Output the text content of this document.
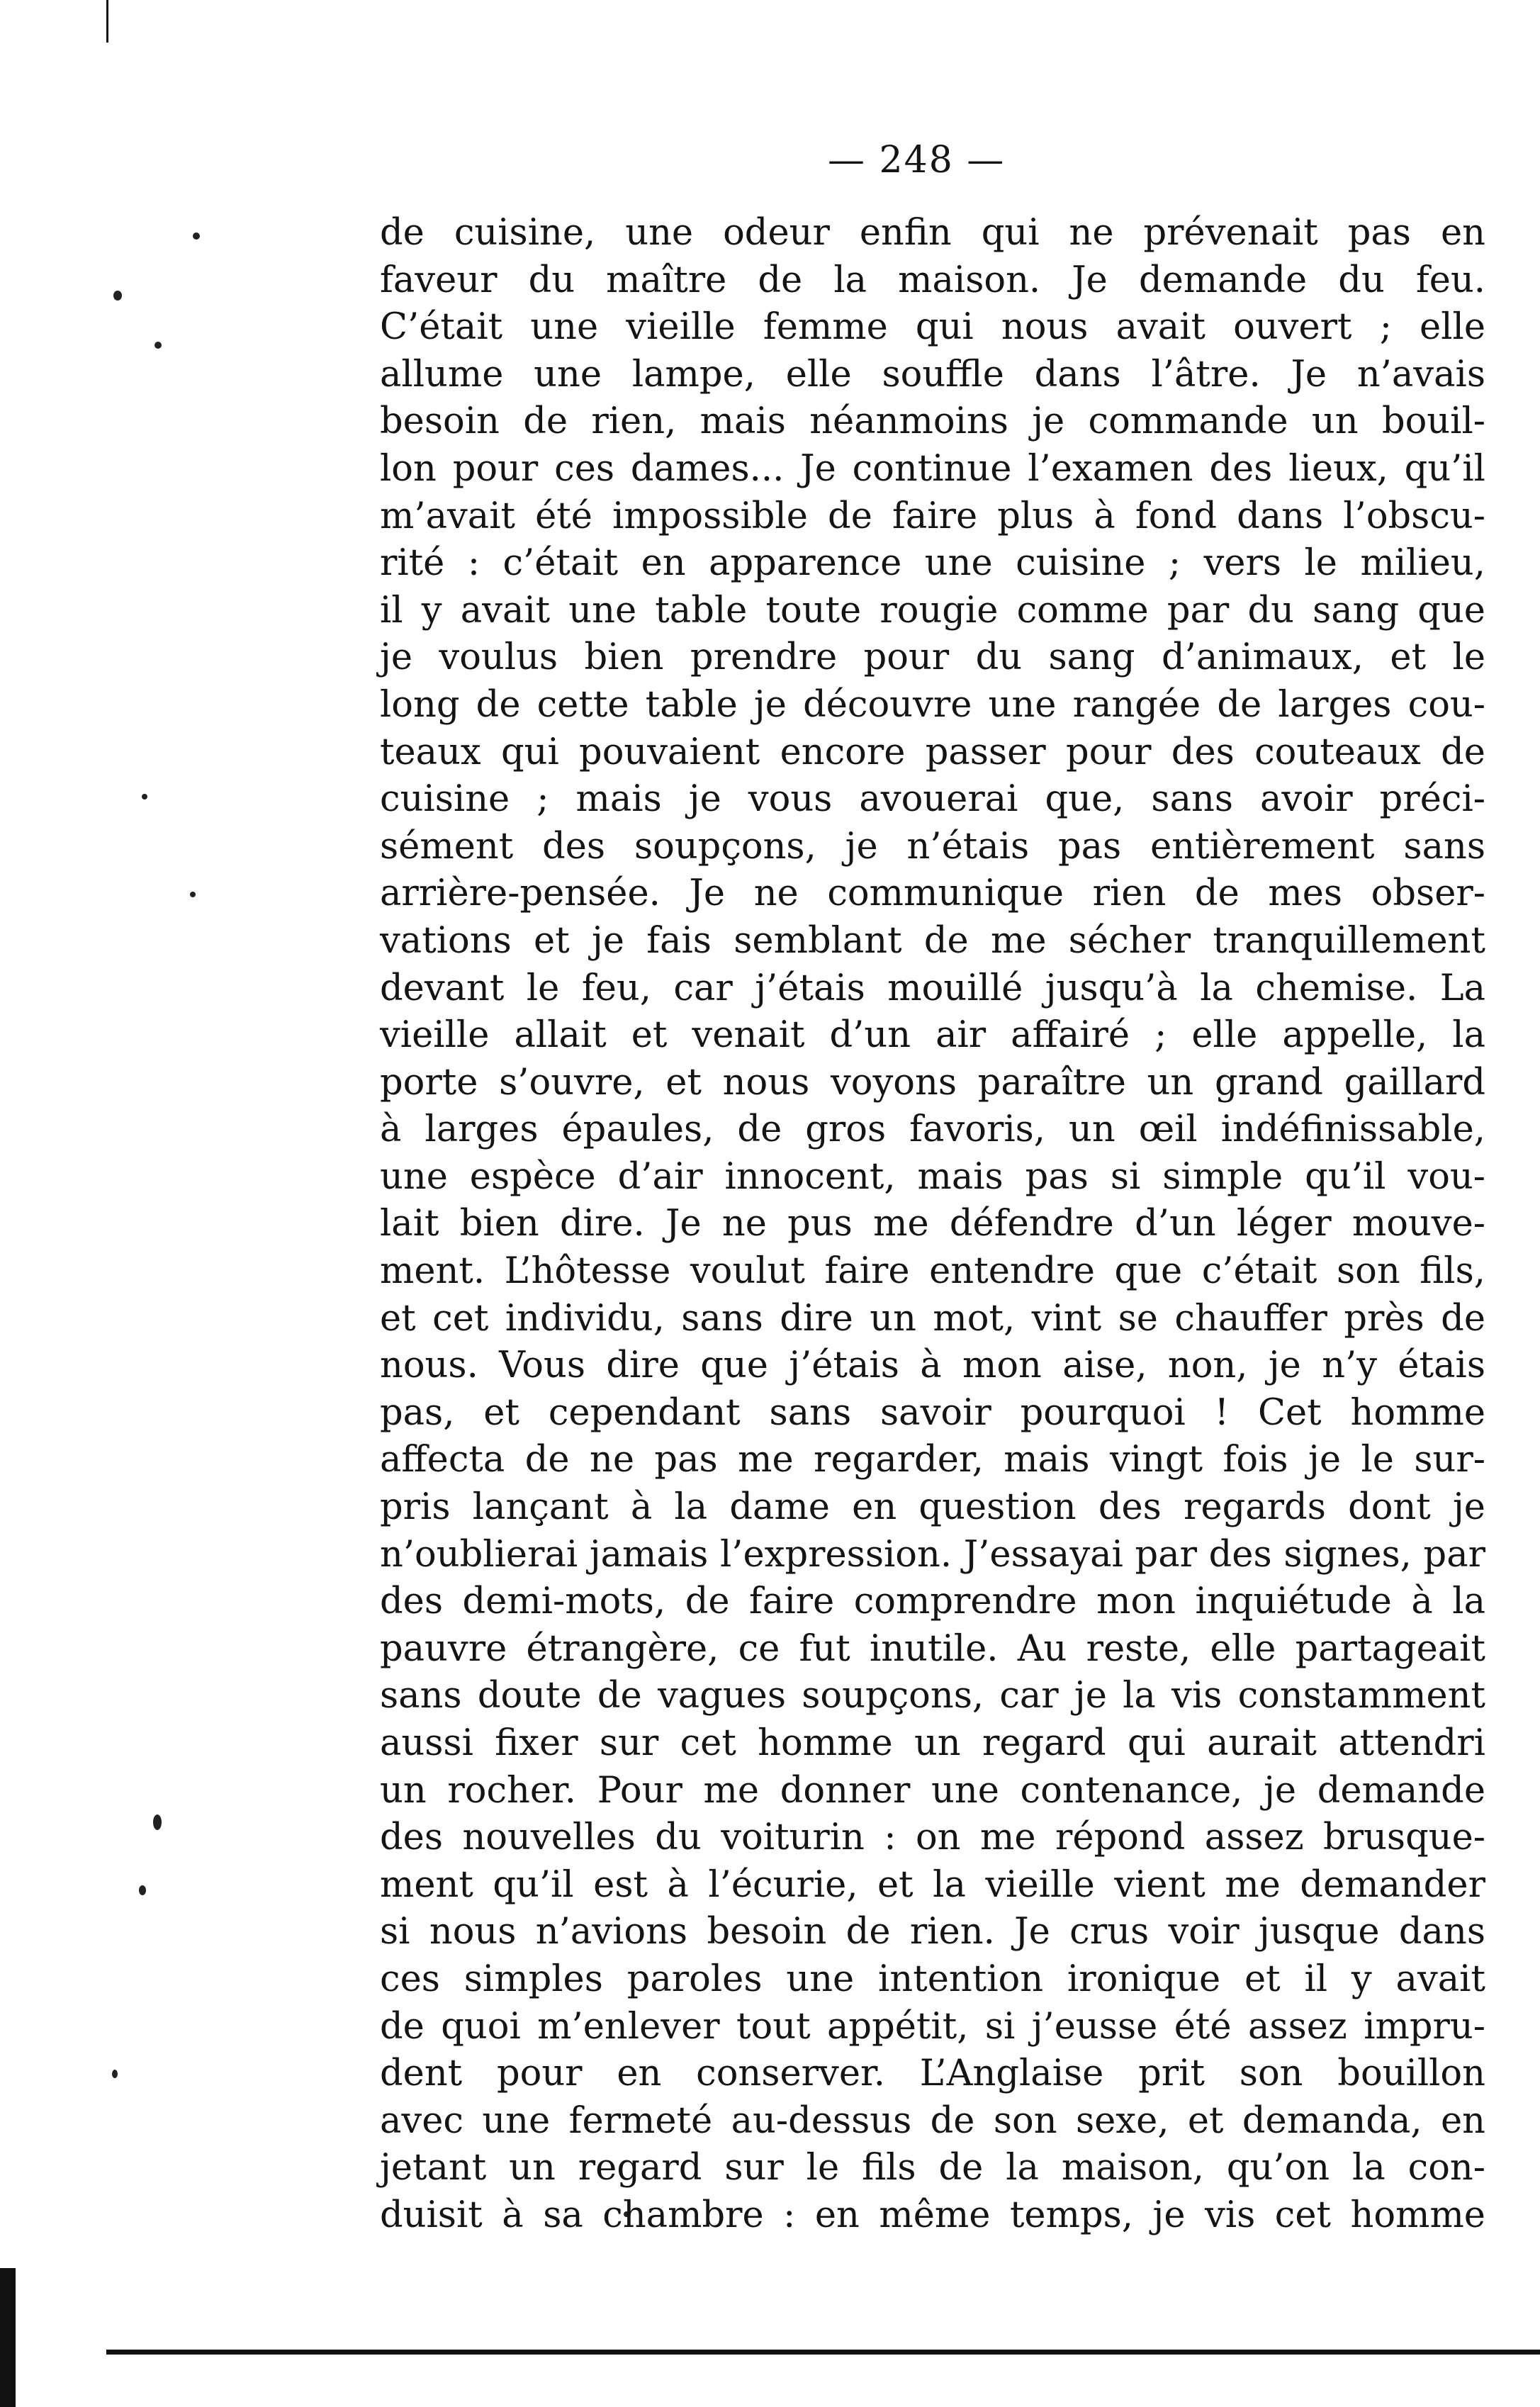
— 248 —
de cuisine, une odeur enfin qui ne prévenait pas en
faveur du maître de la maison. Je demande du feu.
C’était une vieille femme qui nous avait ouvert ; elle
allume une lampe, elle souffle dans l’âtre. Je n’avais
besoin de rien, mais néanmoins je commande un bouil-
lon pour ces dames... Je continue l’examen des lieux, qu’il
m’avait été impossible de faire plus à fond dans l’obscu-
rité : c’était en apparence une cuisine ; vers le milieu,
il y avait une table toute rougie comme par du sang que
je voulus bien prendre pour du sang d’animaux, et le
long de cette table je découvre une rangée de larges cou-
teaux qui pouvaient encore passer pour des couteaux de
cuisine ; mais je vous avouerai que, sans avoir préci-
sément des soupçons, je n’étais pas entièrement sans
arrière-pensée. Je ne communique rien de mes obser-
vations et je fais semblant de me sécher tranquillement
devant le feu, car j’étais mouillé jusqu’à la chemise. La
vieille allait et venait d’un air affairé ; elle appelle, la
porte s’ouvre, et nous voyons paraître un grand gaillard
à larges épaules, de gros favoris, un œil indéfinissable,
une espèce d’air innocent, mais pas si simple qu’il vou-
lait bien dire. Je ne pus me défendre d’un léger mouve-
ment. L’hôtesse voulut faire entendre que c’était son fils,
et cet individu, sans dire un mot, vint se chauffer près de
nous. Vous dire que j’étais à mon aise, non, je n’y étais
pas, et cependant sans savoir pourquoi ! Cet homme
affecta de ne pas me regarder, mais vingt fois je le sur-
pris lançant à la dame en question des regards dont je
n’oublierai jamais l’expression. J’essayai par des signes, par
des demi-mots, de faire comprendre mon inquiétude à la
pauvre étrangère, ce fut inutile. Au reste, elle partageait
sans doute de vagues soupçons, car je la vis constamment
aussi fixer sur cet homme un regard qui aurait attendri
un rocher. Pour me donner une contenance, je demande
des nouvelles du voiturin : on me répond assez brusque-
ment qu’il est à l’écurie, et la vieille vient me demander
si nous n’avions besoin de rien. Je crus voir jusque dans
ces simples paroles une intention ironique et il y avait
de quoi m’enlever tout appétit, si j’eusse été assez impru-
dent pour en conserver. L’Anglaise prit son bouillon
avec une fermeté au-dessus de son sexe, et demanda, en
jetant un regard sur le fils de la maison, qu’on la con-
duisit à sa chambre : en même temps, je vis cet homme
